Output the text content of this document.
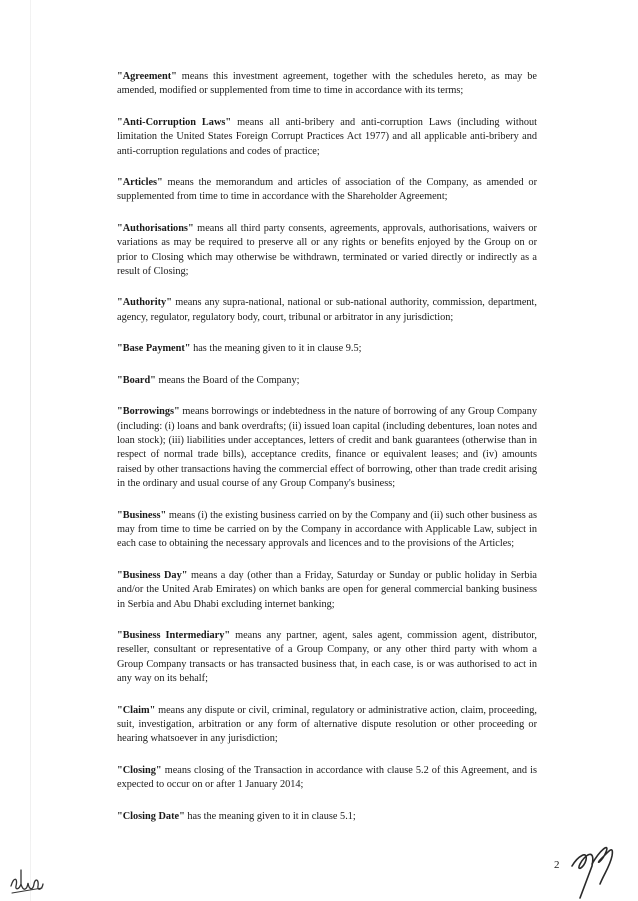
"Agreement" means this investment agreement, together with the schedules hereto, as may be amended, modified or supplemented from time to time in accordance with its terms;

"Anti-Corruption Laws" means all anti-bribery and anti-corruption Laws (including without limitation the United States Foreign Corrupt Practices Act 1977) and all applicable anti-bribery and anti-corruption regulations and codes of practice;

"Articles" means the memorandum and articles of association of the Company, as amended or supplemented from time to time in accordance with the Shareholder Agreement;

"Authorisations" means all third party consents, agreements, approvals, authorisations, waivers or variations as may be required to preserve all or any rights or benefits enjoyed by the Group on or prior to Closing which may otherwise be withdrawn, terminated or varied directly or indirectly as a result of Closing;

"Authority" means any supra-national, national or sub-national authority, commission, department, agency, regulator, regulatory body, court, tribunal or arbitrator in any jurisdiction;

"Base Payment" has the meaning given to it in clause 9.5;

"Board" means the Board of the Company;

"Borrowings" means borrowings or indebtedness in the nature of borrowing of any Group Company (including: (i) loans and bank overdrafts; (ii) issued loan capital (including debentures, loan notes and loan stock); (iii) liabilities under acceptances, letters of credit and bank guarantees (otherwise than in respect of normal trade bills), acceptance credits, finance or equivalent leases; and (iv) amounts raised by other transactions having the commercial effect of borrowing, other than trade credit arising in the ordinary and usual course of any Group Company's business;

"Business" means (i) the existing business carried on by the Company and (ii) such other business as may from time to time be carried on by the Company in accordance with Applicable Law, subject in each case to obtaining the necessary approvals and licences and to the provisions of the Articles;

"Business Day" means a day (other than a Friday, Saturday or Sunday or public holiday in Serbia and/or the United Arab Emirates) on which banks are open for general commercial banking business in Serbia and Abu Dhabi excluding internet banking;

"Business Intermediary" means any partner, agent, sales agent, commission agent, distributor, reseller, consultant or representative of a Group Company, or any other third party with whom a Group Company transacts or has transacted business that, in each case, is or was authorised to act in any way on its behalf;

"Claim" means any dispute or civil, criminal, regulatory or administrative action, claim, proceeding, suit, investigation, arbitration or any form of alternative dispute resolution or other proceeding or hearing whatsoever in any jurisdiction;

"Closing" means closing of the Transaction in accordance with clause 5.2 of this Agreement, and is expected to occur on or after 1 January 2014;

"Closing Date" has the meaning given to it in clause 5.1;

2
